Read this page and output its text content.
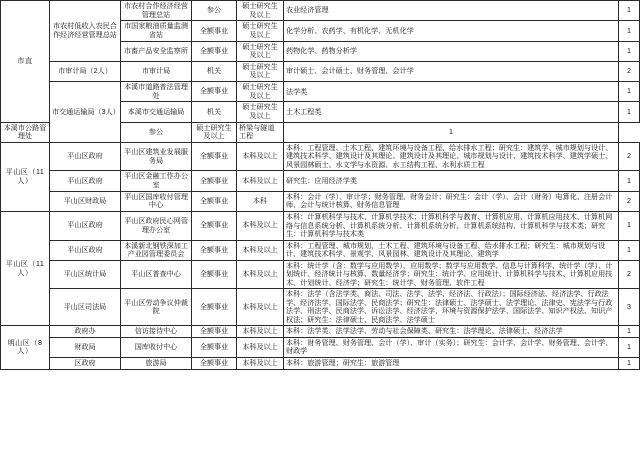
市直	市农村低收入农民合作经济经营管理总站	市农村合作经济经营管理总站	参公	硕士研究生及以上	农业经济管理	1
		市国家粮油质量监测省站	全额事业	硕士研究生及以上	化学分析、农药学、有机化学、无机化学	1
		市畜产品安全监察所	全额事业	硕士研究生及以上	药物化学、药物分析学	1
	市审计局（2人）	市审计局	机关	硕士研究生及以上	审计硕士、会计硕士、财务管理、会计学	2
	市交通运输局（3人）	本溪市道路普法管理处	全额事业	硕士研究生及以上	法学类	1
		本溪市交通运输局	机关	硕士研究生及以上	土木工程类	1
本溪市公路管理处		参公	硕士研究生及以上	桥梁与隧道工程	1	
平山区（11人）	平山区政府	平山区建筑业发展服务局	全额事业	本科及以上	本科：工程管理、土木工程、建筑环境与设备工程、给水排水工程；研究生：建筑学、城市规划与设计、建筑技术科学、建筑设计及其理论、建筑设计及其理论、城市规划与设计、建筑技术科学、建筑学硕士、风景园林硕士、水文学与水资源、水工结构工程、水利水质工程	2
	平山区政府	平山区金融工作办公室	全额事业	本科及以上	研究生：应用经济学类	1
	平山区财政局	平山区国库收付管理中心	全额事业	本科	本科：会计（学）、审计学；财务管理、财务会计；研究生：会计（学）、会计（财务）电算化、注册会计师、会计与统计核算、财务信息管理	2
平山区（11人）	平山区政府	平山区政府民心网管理办公室	全额事业	本科及以上	本科：计算机科学与技术、计算机学技术；计算机科学与教育、计算机应用、计算机应用技术、计算机网络与信息系统分析、计算机系统分析、计算机系统分析、计算机系统结构、计算机科学与技术类；研究生：计算机科学与技术类	1
	平山区政府	本溪新北钢铁深加工产业园管理委员会	全额事业	本科及以上	本科：工程管理、城市规划、土木工程、建筑环境与设备工程、给水排水工程；研究生：城市规划与设计、建筑技术科学、景观学、风景园林、建筑设计及其理论、建筑学	1
	平山区统计局	平山区普查中心	全额事业	本科及以上	本科：统计学（含：数学与应用数学）、应用数学；数学与应用数学、信息与计算科学、统计学（学）、计划统计、经济统计与核算、数量经济学；研究生：统计学、应用统计、计算机科学与技术、计算机应用技术、计划统计、经济学；研究生：统计学、财务管理、软件工程	2
	平山区司法局	平山区劳动争议仲裁院	全额事业	本科及以上	本科：法学（含法学类、商法、司法、法学、法学、经济法、行政法）；国际经济法、经济法学、行政法学、经济法学、国际法学、民商法学；研究生：法律硕士、法学硕士、法学理论、法律史、宪法学与行政法学、刑法学、民商法学、诉讼法学、经济法学、环境与资源保护法学、国际法学、知识产权法、知识产权法；研究生：法律硕士、民商法学、法学硕士	3
明山区（8人）	政府办	信访接待中心	全额事业	本科及以上	本科：法学类、法学法学、劳动与社会保障类、研究生：法学理论、法律硕士、经济法学	1
	财政局	国库收付中心	全额事业	本科及以上	本科：财务管理、财务管理、会计（学）、审计（实务）；研究生：会计学、会计学、财务管理、会计学、财政学	1
	区政府	旅游局	全额事业	本科及以上	本科：旅游管理；研究生：旅游管理	1
